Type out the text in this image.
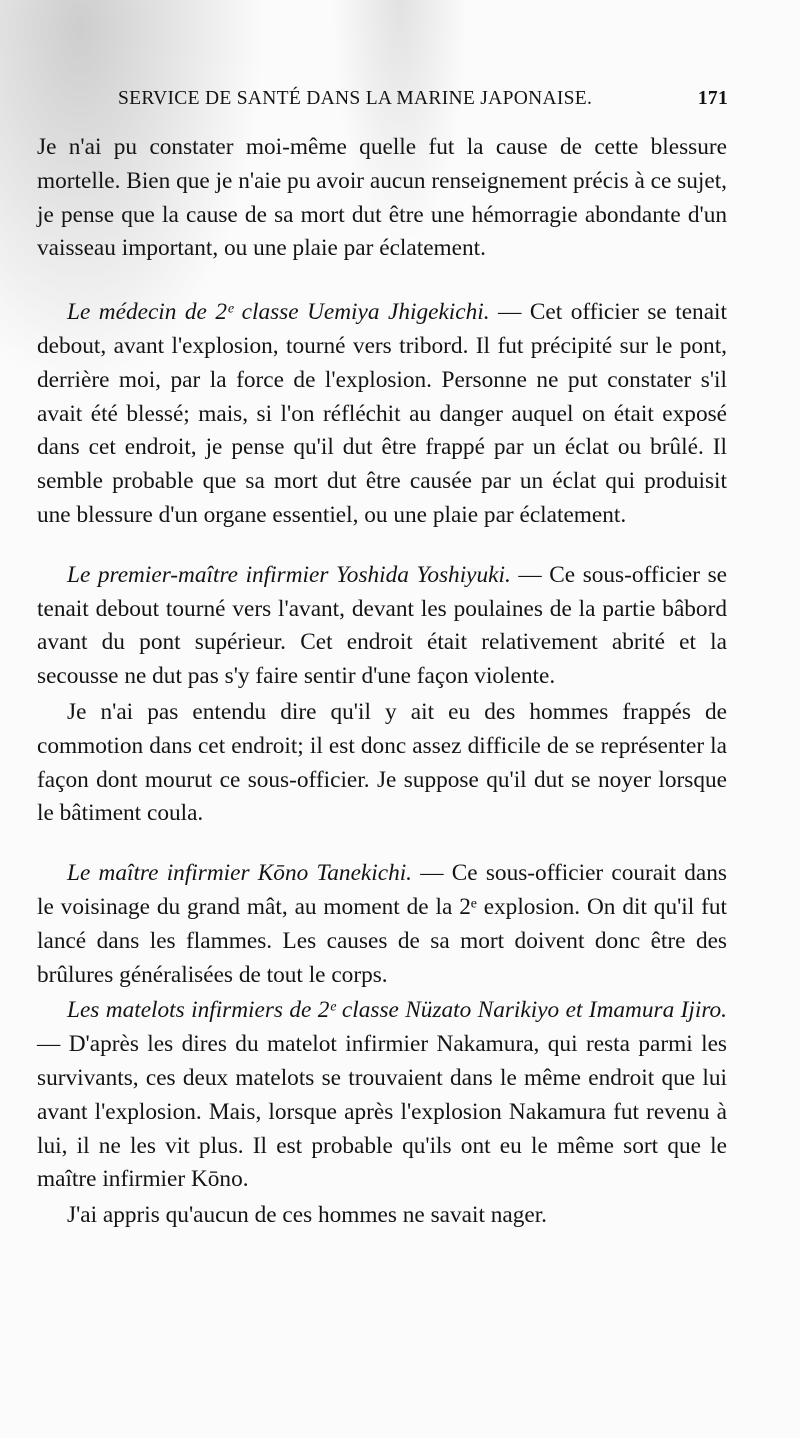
SERVICE DE SANTÉ DANS LA MARINE JAPONAISE.	171

Je n'ai pu constater moi-même quelle fut la cause de cette blessure mortelle. Bien que je n'aie pu avoir aucun renseignement précis à ce sujet, je pense que la cause de sa mort dut être une hémorragie abondante d'un vaisseau important, ou une plaie par éclatement.

Le médecin de 2ᵉ classe Uemiya Jhigekichi. — Cet officier se tenait debout, avant l'explosion, tourné vers tribord. Il fut précipité sur le pont, derrière moi, par la force de l'explosion. Personne ne put constater s'il avait été blessé; mais, si l'on réfléchit au danger auquel on était exposé dans cet endroit, je pense qu'il dut être frappé par un éclat ou brûlé. Il semble probable que sa mort dut être causée par un éclat qui produisit une blessure d'un organe essentiel, ou une plaie par éclatement.

Le premier-maître infirmier Yoshida Yoshiyuki. — Ce sous-officier se tenait debout tourné vers l'avant, devant les poulaines de la partie bâbord avant du pont supérieur. Cet endroit était relativement abrité et la secousse ne dut pas s'y faire sentir d'une façon violente.

Je n'ai pas entendu dire qu'il y ait eu des hommes frappés de commotion dans cet endroit; il est donc assez difficile de se représenter la façon dont mourut ce sous-officier. Je suppose qu'il dut se noyer lorsque le bâtiment coula.

Le maître infirmier Kōno Tanekichi. — Ce sous-officier courait dans le voisinage du grand mât, au moment de la 2ᵉ explosion. On dit qu'il fut lancé dans les flammes. Les causes de sa mort doivent donc être des brûlures généralisées de tout le corps.

Les matelots infirmiers de 2ᵉ classe Nüzato Narikiyo et Imamura Ijiro. — D'après les dires du matelot infirmier Nakamura, qui resta parmi les survivants, ces deux matelots se trouvaient dans le même endroit que lui avant l'explosion. Mais, lorsque après l'explosion Nakamura fut revenu à lui, il ne les vit plus. Il est probable qu'ils ont eu le même sort que le maître infirmier Kōno.

J'ai appris qu'aucun de ces hommes ne savait nager.
